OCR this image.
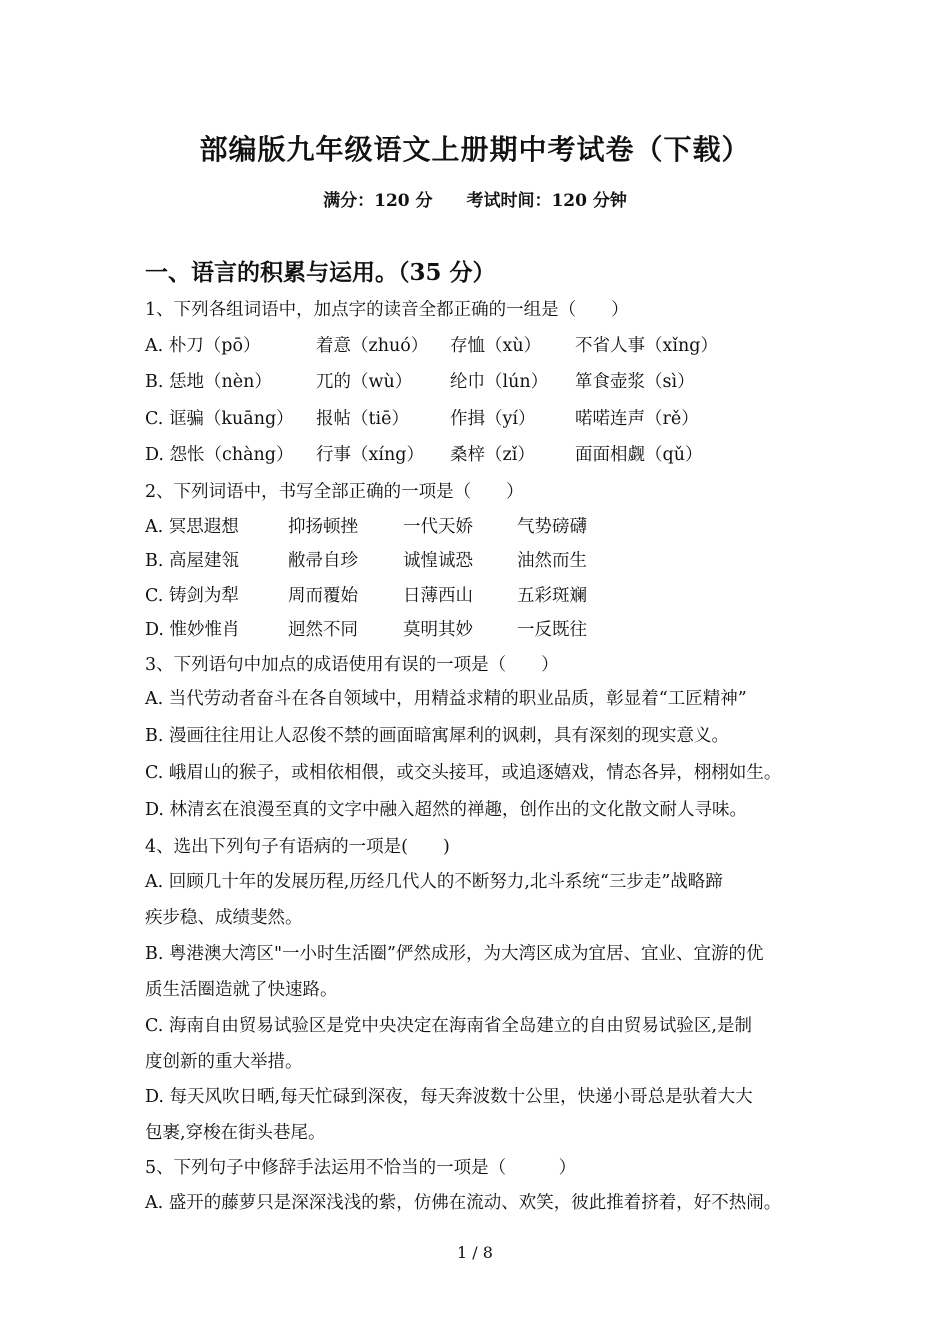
部编版九年级语文上册期中考试卷（下载）
满分：120 分 考试时间：120 分钟
一、语言的积累与运用。（35 分）
1、下列各组词语中，加点字的读音全都正确的一组是（　　）
A. 朴刀（pō）	着意（zhuó） 存恤（xù） 不省人事（xǐng）
B. 恁地（nèn）	兀的（wù） 纶巾（lún） 箪食壶浆（sì）
C. 诓骗（kuāng） 报帖（tiē） 作揖（yí） 喏喏连声（rě）
D. 怨怅（chàng） 行事（xíng） 桑梓（zǐ） 面面相觑（qǔ）
2、下列词语中，书写全部正确的一项是（　　）
A. 冥思遐想	抑扬顿挫	一代天娇	气势磅礴
B. 高屋建瓴	敝帚自珍	诚惶诚恐	油然而生
C. 铸剑为犁	周而覆始	日薄西山	五彩斑斓
D. 惟妙惟肖	迥然不同	莫明其妙	一反既往
3、下列语句中加点的成语使用有误的一项是（　　）
A. 当代劳动者奋斗在各自领域中，用精益求精的职业品质，彰显着“工匠精神”
B. 漫画往往用让人忍俊不禁的画面暗寓犀利的讽刺，具有深刻的现实意义。
C. 峨眉山的猴子，或相依相偎，或交头接耳，或追逐嬉戏，情态各异，栩栩如生。
D. 林清玄在浪漫至真的文字中融入超然的禅趣，创作出的文化散文耐人寻味。
4、选出下列句子有语病的一项是(　　)
A. 回顾几十年的发展历程,历经几代人的不断努力,北斗系统“三步走”战略蹄
疾步稳、成绩斐然。
B. 粤港澳大湾区"一小时生活圈”俨然成形，为大湾区成为宜居、宜业、宜游的优
质生活圈造就了快速路。
C. 海南自由贸易试验区是党中央决定在海南省全岛建立的自由贸易试验区,是制
度创新的重大举措。
D. 每天风吹日晒,每天忙碌到深夜，每天奔波数十公里，快递小哥总是驮着大大
包裹,穿梭在街头巷尾。
5、下列句子中修辞手法运用不恰当的一项是（　　　）
A. 盛开的藤萝只是深深浅浅的紫，仿佛在流动、欢笑，彼此推着挤着，好不热闹。
1 / 8
